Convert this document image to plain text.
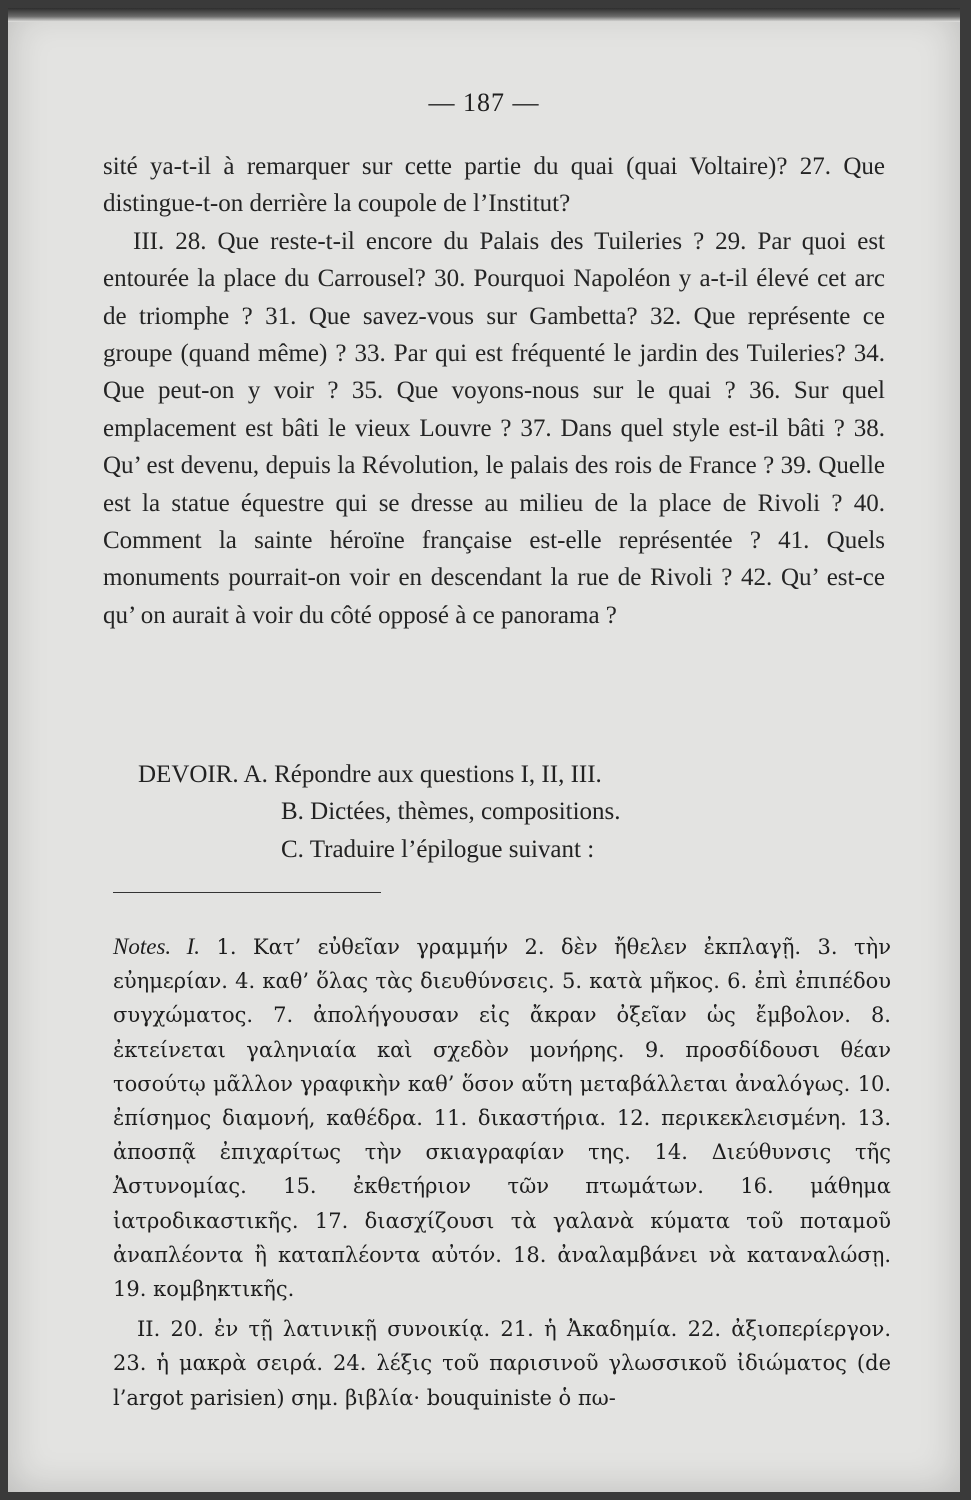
— 187 —

sité ya-t-il à remarquer sur cette partie du quai (quai Voltaire)? 27. Que distingue-t-on derrière la coupole de l’Institut?

III. 28. Que reste-t-il encore du Palais des Tuileries ? 29. Par quoi est entourée la place du Carrousel? 30. Pourquoi Napoléon y a-t-il élevé cet arc de triomphe ? 31. Que savez-vous sur Gambetta? 32. Que représente ce groupe (quand même) ? 33. Par qui est fréquenté le jardin des Tuileries? 34. Que peut-on y voir ? 35. Que voyons-nous sur le quai ? 36. Sur quel emplacement est bâti le vieux Louvre ? 37. Dans quel style est-il bâti ? 38. Qu’ est devenu, depuis la Révolution, le palais des rois de France ? 39. Quelle est la statue équestre qui se dresse au milieu de la place de Rivoli ? 40. Comment la sainte héroïne française est-elle représentée ? 41. Quels monuments pourrait-on voir en descendant la rue de Rivoli ? 42. Qu’ est-ce qu’ on aurait à voir du côté opposé à ce panorama ?

DEVOIR. A. Répondre aux questions I, II, III.

B. Dictées, thèmes, compositions.
C. Traduire l’épilogue suivant :

Notes. I. 1. Κατ’ εὐθεῖαν γραμμήν 2. δὲν ἤθελεν ἐκπλαγῇ. 3. τὴν εὐημερίαν. 4. καθ’ ὅλας τὰς διευθύνσεις. 5. κατὰ μῆκος. 6. ἐπὶ ἐπιπέδου συγχώματος. 7. ἀπολήγουσαν εἰς ἄκραν ὀξεῖαν ὡς ἔμβολον. 8. ἐκτείνεται γαληνιαία καὶ σχεδὸν μονήρης. 9. προσδίδουσι θέαν τοσούτῳ μᾶλλον γραφικὴν καθ’ ὅσον αὕτη μεταβάλλεται ἀναλόγως. 10. ἐπίσημος διαμονή, καθέδρα. 11. δικαστήρια. 12. περικεκλεισμένη. 13. ἀποσπᾷ ἐπιχαρίτως τὴν σκιαγραφίαν της. 14. Διεύθυνσις τῆς Ἀστυνομίας. 15. ἐκθετήριον τῶν πτωμάτων. 16. μάθημα ἰατροδικαστικῆς. 17. διασχίζουσι τὰ γαλανὰ κύματα τοῦ ποταμοῦ ἀναπλέοντα ἢ καταπλέοντα αὐτόν. 18. ἀναλαμβάνει νὰ καταναλώσῃ. 19. κομβηκτικῆς.

II. 20. ἐν τῇ λατινικῇ συνοικίᾳ. 21. ἡ Ἀκαδημία. 22. ἀξιοπερίεργον. 23. ἡ μακρὰ σειρά. 24. λέξις τοῦ παρισινοῦ γλωσσικοῦ ἰδιώματος (de l’argot parisien) σημ. βιβλία· bouquiniste ὁ πω-
